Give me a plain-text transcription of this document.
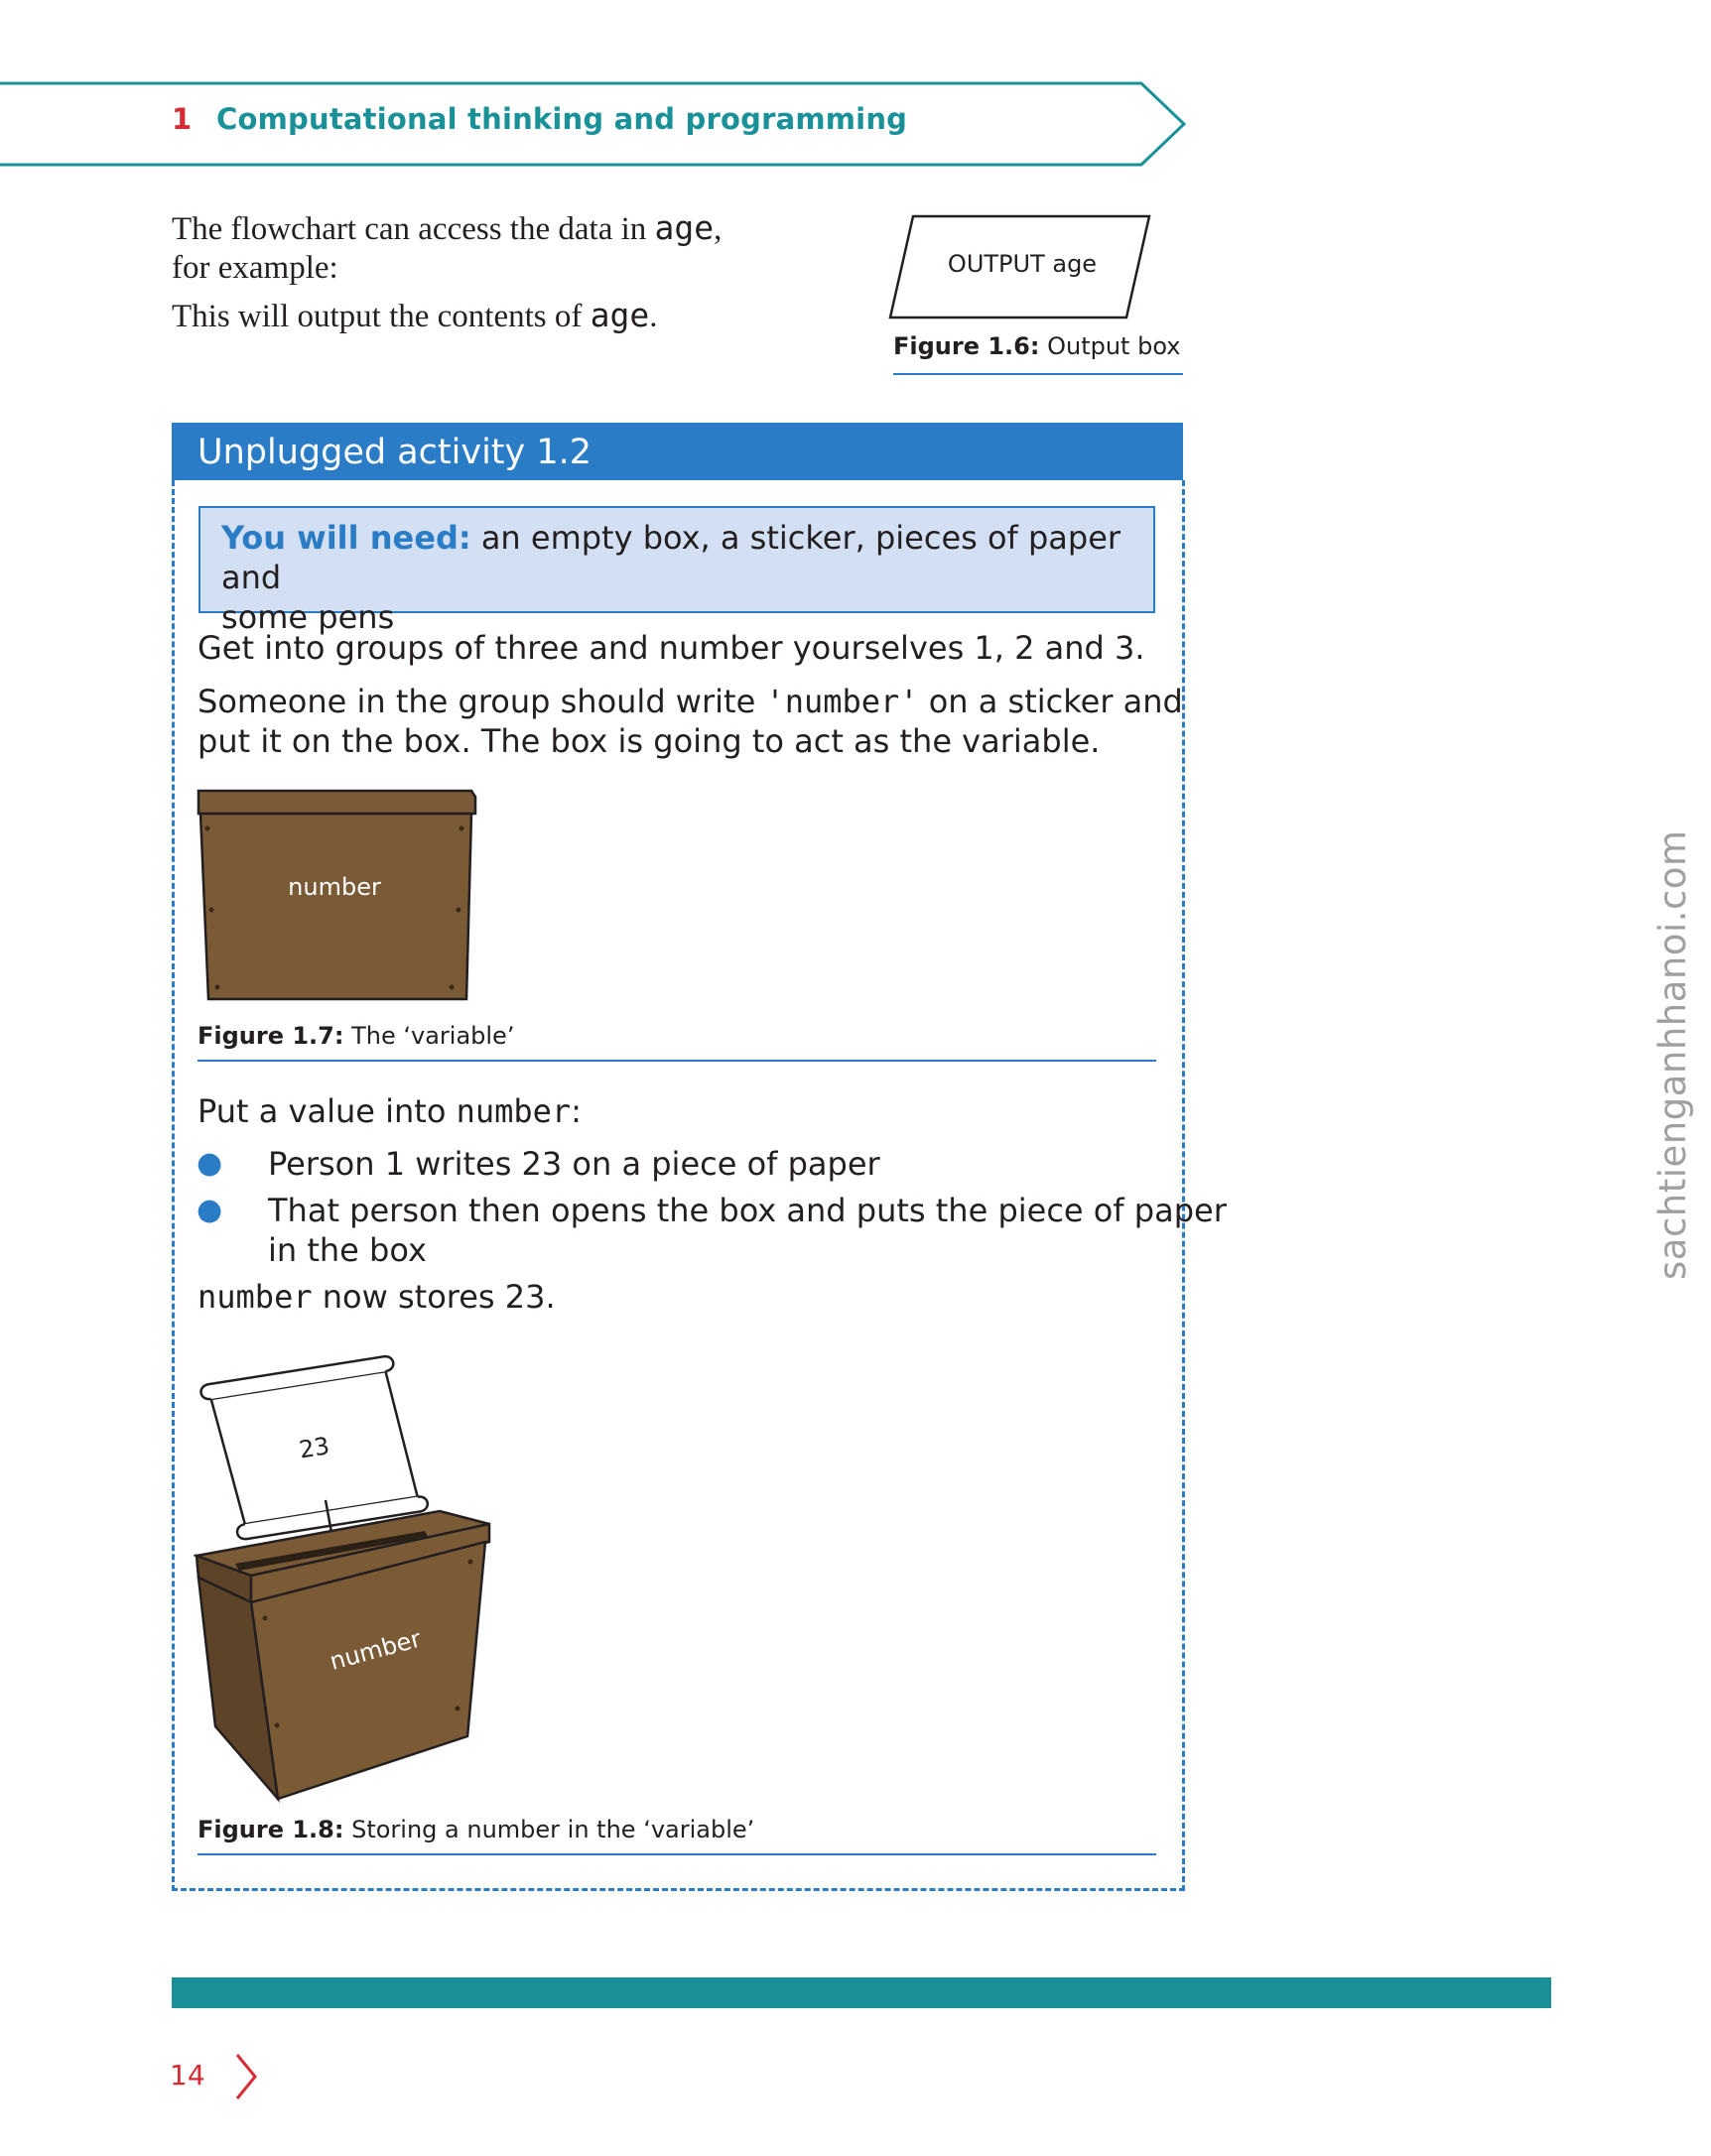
1 Computational thinking and programming
The flowchart can access the data in age,
for example:
This will output the contents of age.
OUTPUT age
Figure 1.6: Output box
Unplugged activity 1.2
You will need: an empty box, a sticker, pieces of paper and
some pens
Get into groups of three and number yourselves 1, 2 and 3.
Someone in the group should write 'number' on a sticker and
put it on the box. The box is going to act as the variable.
number
Figure 1.7: The ‘variable’
Put a value into number:
● Person 1 writes 23 on a piece of paper
● That person then opens the box and puts the piece of paper
in the box
number now stores 23.
23
number
Figure 1.8: Storing a number in the ‘variable’
14
sachtienganhhanoi.com
